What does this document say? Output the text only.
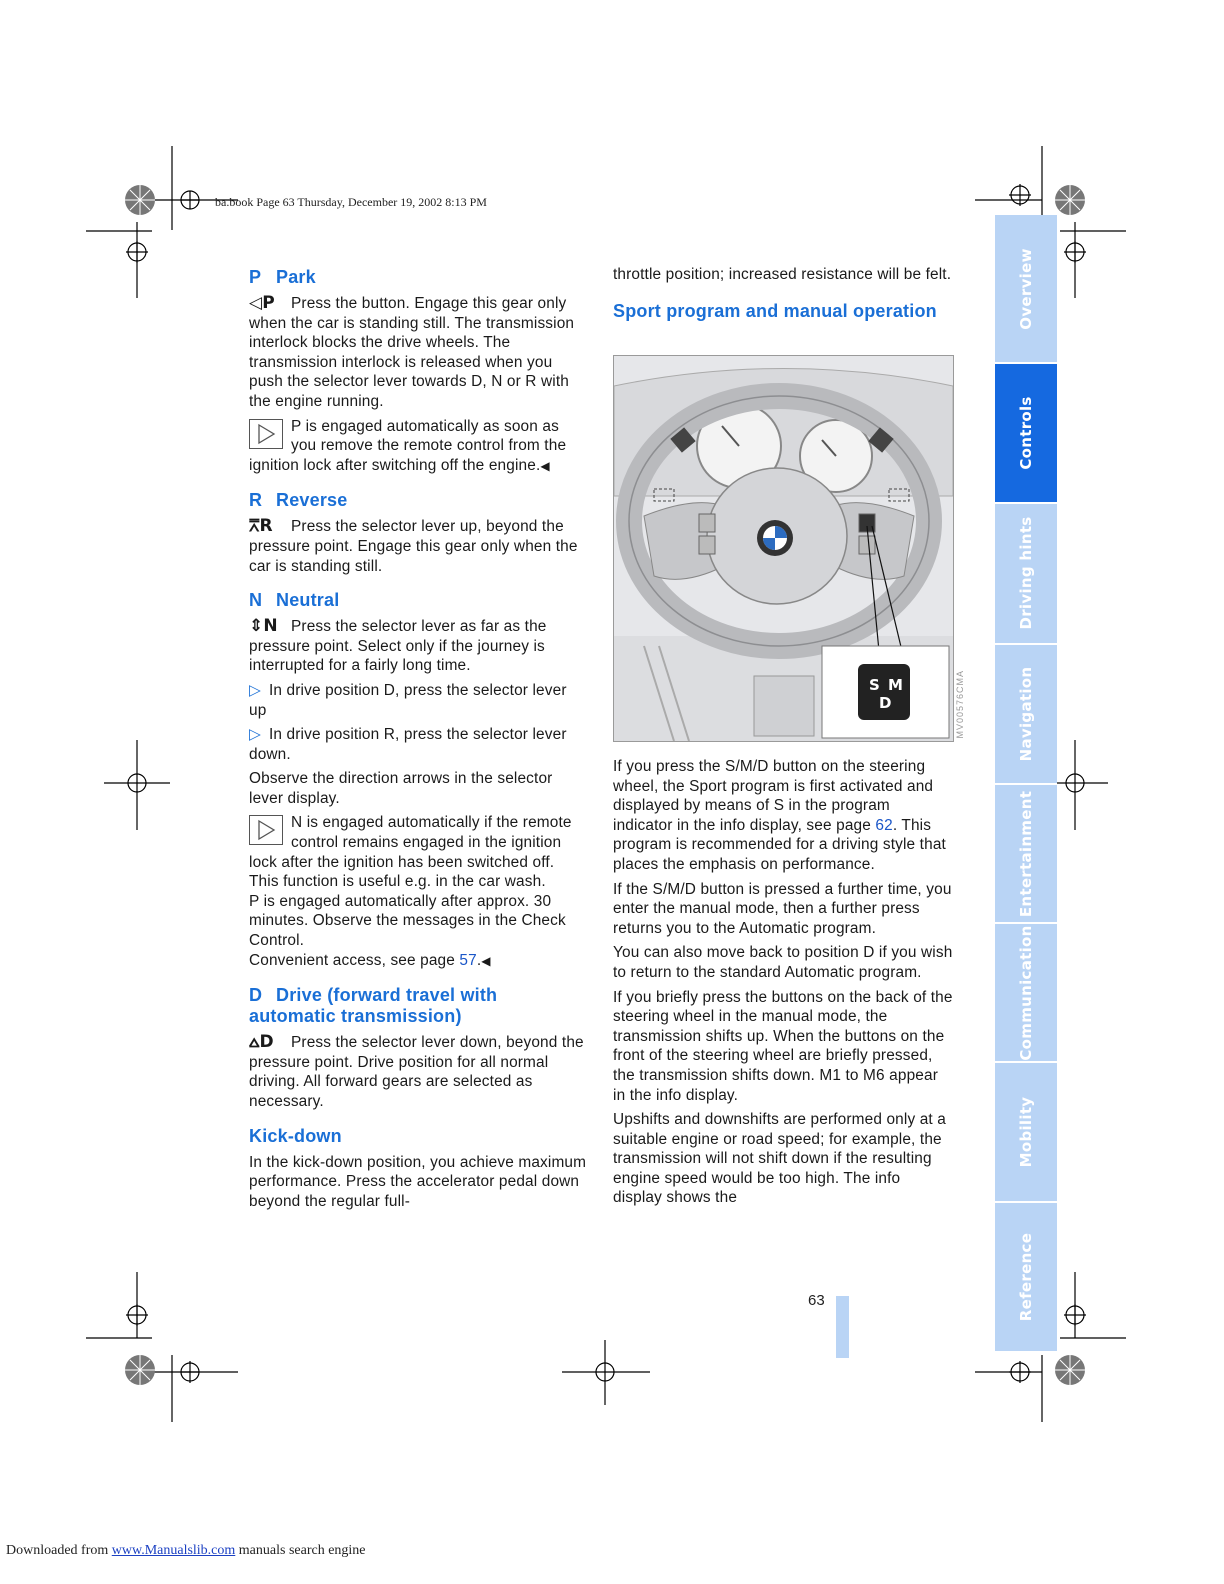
ba.book Page 63 Thursday, December 19, 2002 8:13 PM
P Park

◁P Press the button. Engage this gear only when the car is standing still. The transmission interlock blocks the drive wheels. The transmission interlock is released when you push the selector lever towards D, N or R with the engine running.

P is engaged automatically as soon as you remove the remote control from the ignition lock after switching off the engine.◀

R Reverse

⩞R Press the selector lever up, beyond the pressure point. Engage this gear only when the car is standing still.

N Neutral

⇕N Press the selector lever as far as the pressure point. Select only if the journey is interrupted for a fairly long time.

▷ In drive position D, press the selector lever up

▷ In drive position R, press the selector lever down.

Observe the direction arrows in the selector lever display.

N is engaged automatically if the remote control remains engaged in the ignition lock after the ignition has been switched off. This function is useful e.g. in the car wash.
P is engaged automatically after approx. 30 minutes. Observe the messages in the Check Control.
Convenient access, see page 57.◀

D Drive (forward travel with automatic transmission)

⩟D Press the selector lever down, beyond the pressure point. Drive position for all normal driving. All forward gears are selected as necessary.

Kick-down

In the kick-down position, you achieve maximum performance. Press the accelerator pedal down beyond the regular full-

throttle position; increased resistance will be felt.

Sport program and manual operation
S M
D	MV00576CMA

If you press the S/M/D button on the steering wheel, the Sport program is first activated and displayed by means of S in the program indicator in the info display, see page 62. This program is recommended for a driving style that places the emphasis on performance.

If the S/M/D button is pressed a further time, you enter the manual mode, then a further press returns you to the Automatic program.

You can also move back to position D if you wish to return to the standard Automatic program.

If you briefly press the buttons on the back of the steering wheel in the manual mode, the transmission shifts up. When the buttons on the front of the steering wheel are briefly pressed, the transmission shifts down. M1 to M6 appear in the info display.

Upshifts and downshifts are performed only at a suitable engine or road speed; for example, the transmission will not shift down if the resulting engine speed would be too high. The info display shows the

Overview
Controls
Driving hints
Navigation
Entertainment
Communication
Mobility
Reference
63
Downloaded from www.Manualslib.com manuals search engine
